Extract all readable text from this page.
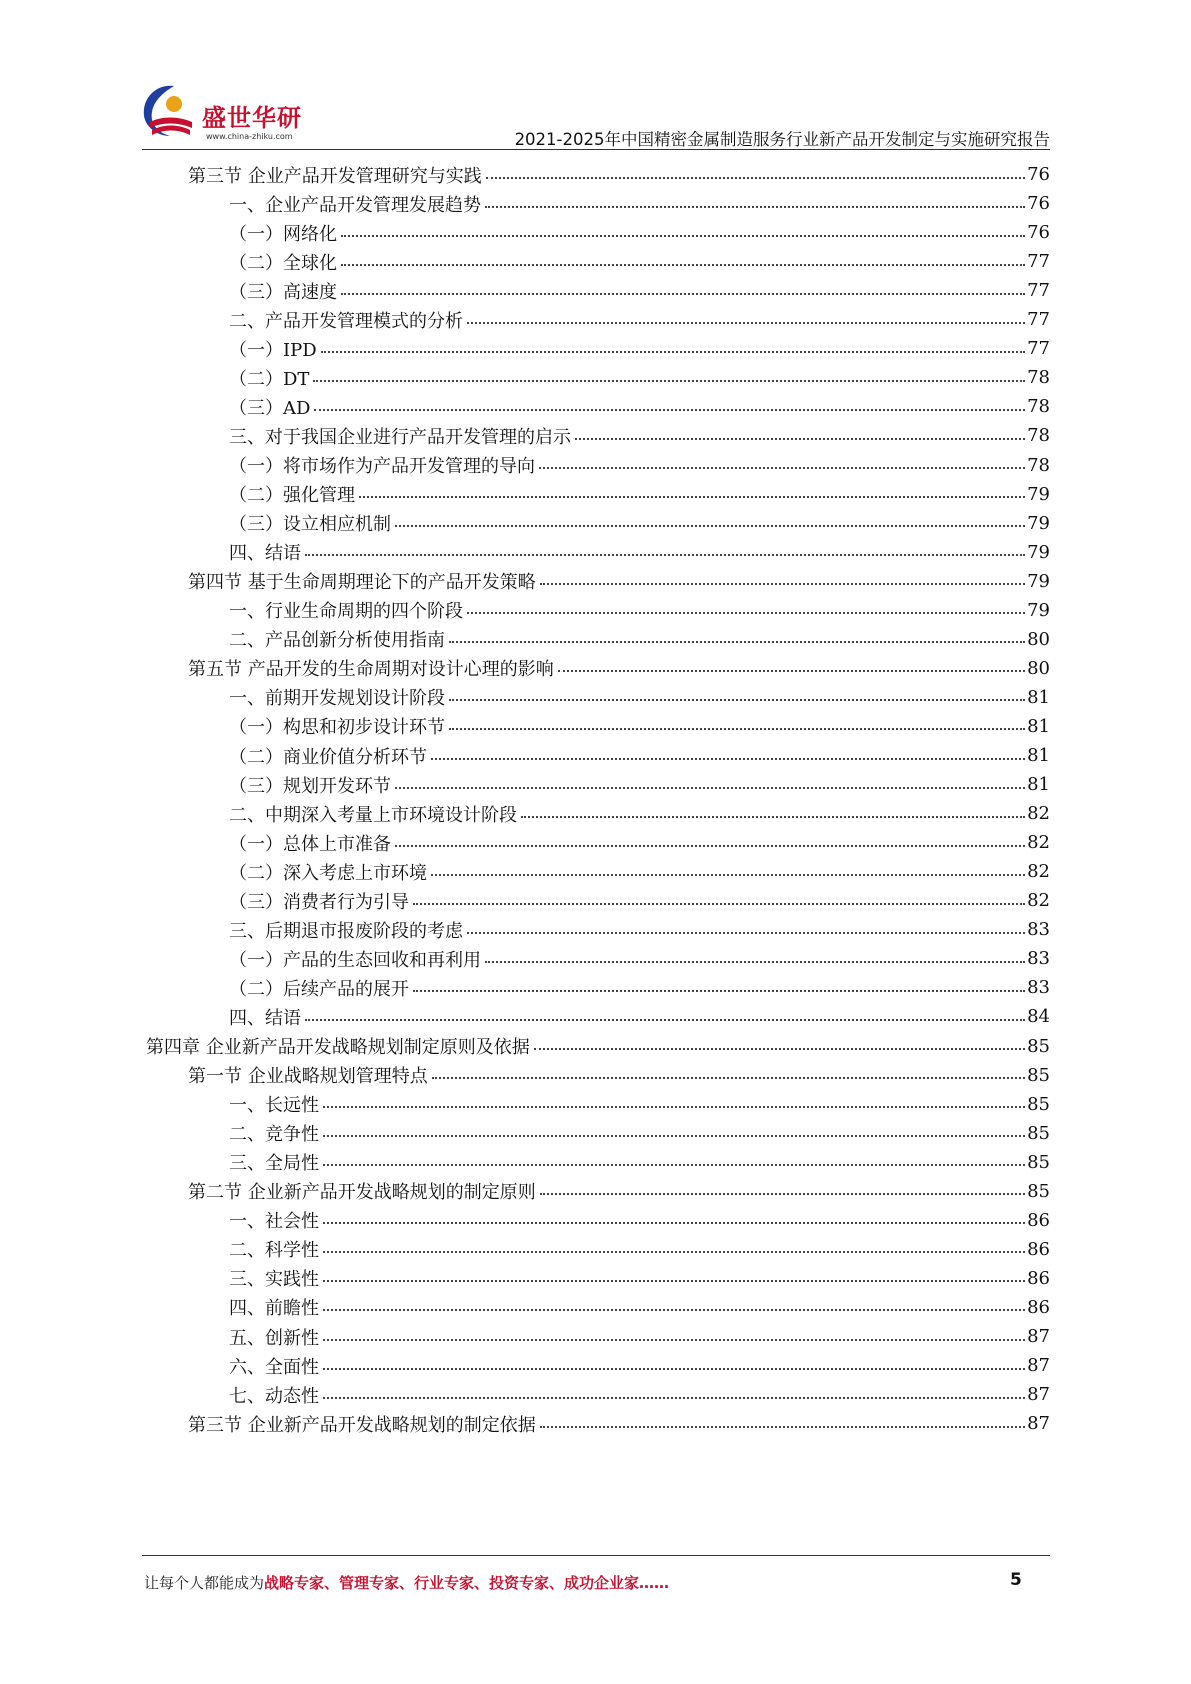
盛世华研
www.china-zhiku.com	2021-2025年中国精密金属制造服务行业新产品开发制定与实施研究报告
第三节 企业产品开发管理研究与实践	76
一、企业产品开发管理发展趋势	76
（一）网络化	76
（二）全球化	77
（三）高速度	77
二、产品开发管理模式的分析	77
（一）IPD	77
（二）DT	78
（三）AD	78
三、对于我国企业进行产品开发管理的启示	78
（一）将市场作为产品开发管理的导向	78
（二）强化管理	79
（三）设立相应机制	79
四、结语	79
第四节 基于生命周期理论下的产品开发策略	79
一、行业生命周期的四个阶段	79
二、产品创新分析使用指南	80
第五节 产品开发的生命周期对设计心理的影响	80
一、前期开发规划设计阶段	81
（一）构思和初步设计环节	81
（二）商业价值分析环节	81
（三）规划开发环节	81
二、中期深入考量上市环境设计阶段	82
（一）总体上市准备	82
（二）深入考虑上市环境	82
（三）消费者行为引导	82
三、后期退市报废阶段的考虑	83
（一）产品的生态回收和再利用	83
（二）后续产品的展开	83
四、结语	84
第四章 企业新产品开发战略规划制定原则及依据	85
第一节 企业战略规划管理特点	85
一、长远性	85
二、竞争性	85
三、全局性	85
第二节 企业新产品开发战略规划的制定原则	85
一、社会性	86
二、科学性	86
三、实践性	86
四、前瞻性	86
五、创新性	87
六、全面性	87
七、动态性	87
第三节 企业新产品开发战略规划的制定依据	87
让每个人都能成为战略专家、管理专家、行业专家、投资专家、成功企业家……	5
